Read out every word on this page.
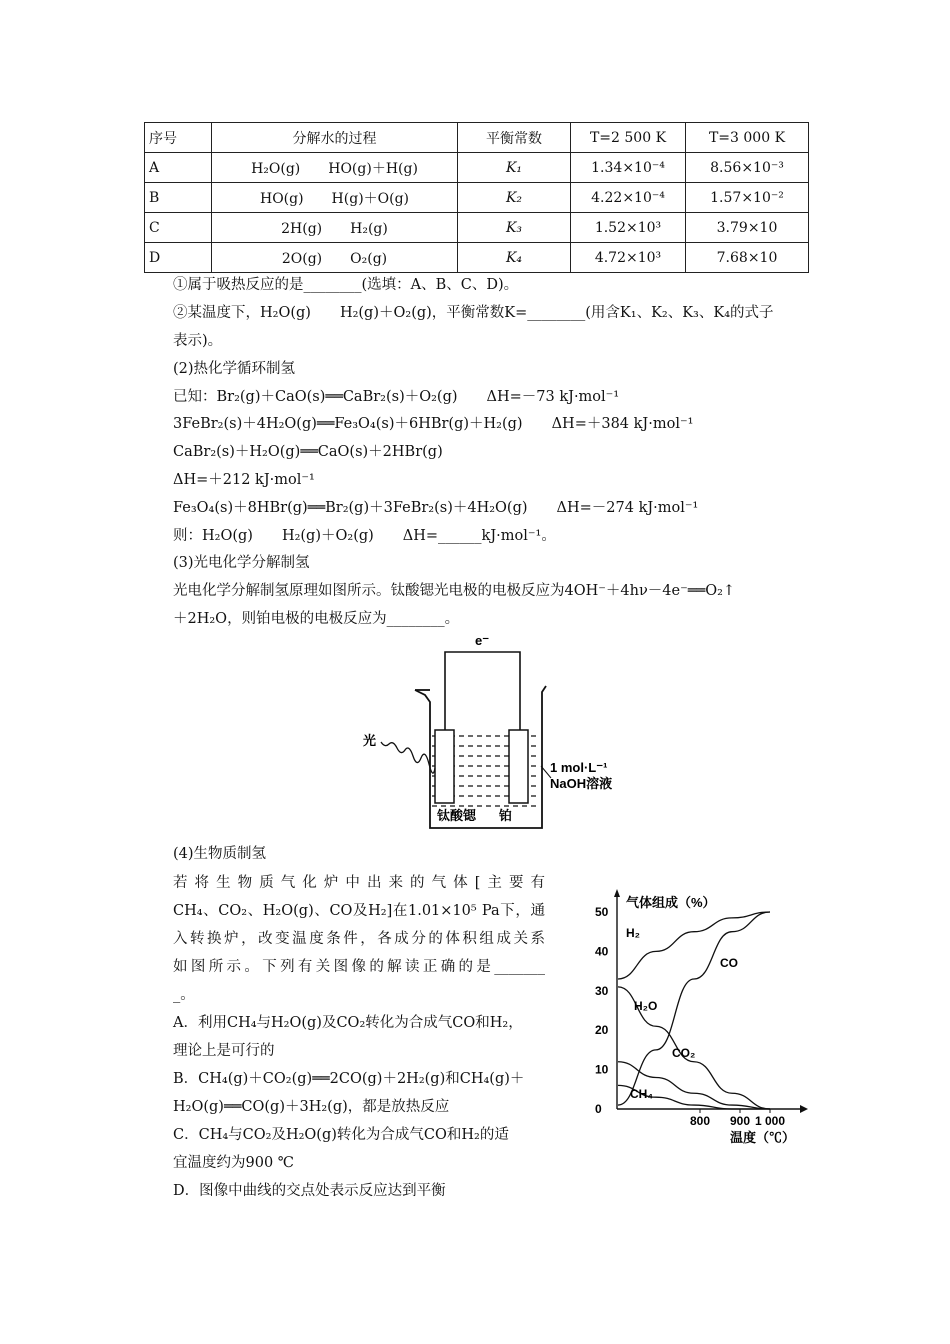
序号	分解水的过程	平衡常数	T=2 500 K	T=3 000 K
A	H₂O(g)　　HO(g)＋H(g)	K₁	1.34×10⁻⁴	8.56×10⁻³
B	HO(g)　　H(g)＋O(g)	K₂	4.22×10⁻⁴	1.57×10⁻²
C	2H(g)　　H₂(g)	K₃	1.52×10³	3.79×10
D	2O(g)　　O₂(g)	K₄	4.72×10³	7.68×10
①属于吸热反应的是________(选填：A、B、C、D)。
②某温度下，H₂O(g)　　H₂(g)＋O₂(g)，平衡常数K=________(用含K₁、K₂、K₃、K₄的式子
表示)。
(2)热化学循环制氢
已知：Br₂(g)＋CaO(s)══CaBr₂(s)＋O₂(g)　　ΔH=－73 kJ·mol⁻¹
3FeBr₂(s)＋4H₂O(g)══Fe₃O₄(s)＋6HBr(g)＋H₂(g)　　ΔH=＋384 kJ·mol⁻¹
CaBr₂(s)＋H₂O(g)══CaO(s)＋2HBr(g)
ΔH=＋212 kJ·mol⁻¹
Fe₃O₄(s)＋8HBr(g)══Br₂(g)＋3FeBr₂(s)＋4H₂O(g)　　ΔH=－274 kJ·mol⁻¹
则：H₂O(g)　　H₂(g)＋O₂(g)　　ΔH=______kJ·mol⁻¹。
(3)光电化学分解制氢
光电化学分解制氢原理如图所示。钛酸锶光电极的电极反应为4OH⁻＋4hν－4e⁻══O₂↑
＋2H₂O，则铂电极的电极反应为________。
e⁻
光
1 mol·L⁻¹
NaOH溶液
钛酸锶 铂
(4)生物质制氢
若将生物质气化炉中出来的气体[主要有
CH₄、CO₂、H₂O(g)、CO及H₂]在1.01×10⁵ Pa下，通
入转换炉，改变温度条件，各成分的体积组成关系
如图所示。下列有关图像的解读正确的是_______
_。
A．利用CH₄与H₂O(g)及CO₂转化为合成气CO和H₂，
理论上是可行的
B．CH₄(g)＋CO₂(g)══2CO(g)＋2H₂(g)和CH₄(g)＋
H₂O(g)══CO(g)＋3H₂(g)，都是放热反应
C．CH₄与CO₂及H₂O(g)转化为合成气CO和H₂的适
宜温度约为900 ℃
D．图像中曲线的交点处表示反应达到平衡
0
10
20
30
40
50
800 900 1 000
气体组成（%）
温度（℃）
H₂
CO
H₂O
CO₂
CH₄
